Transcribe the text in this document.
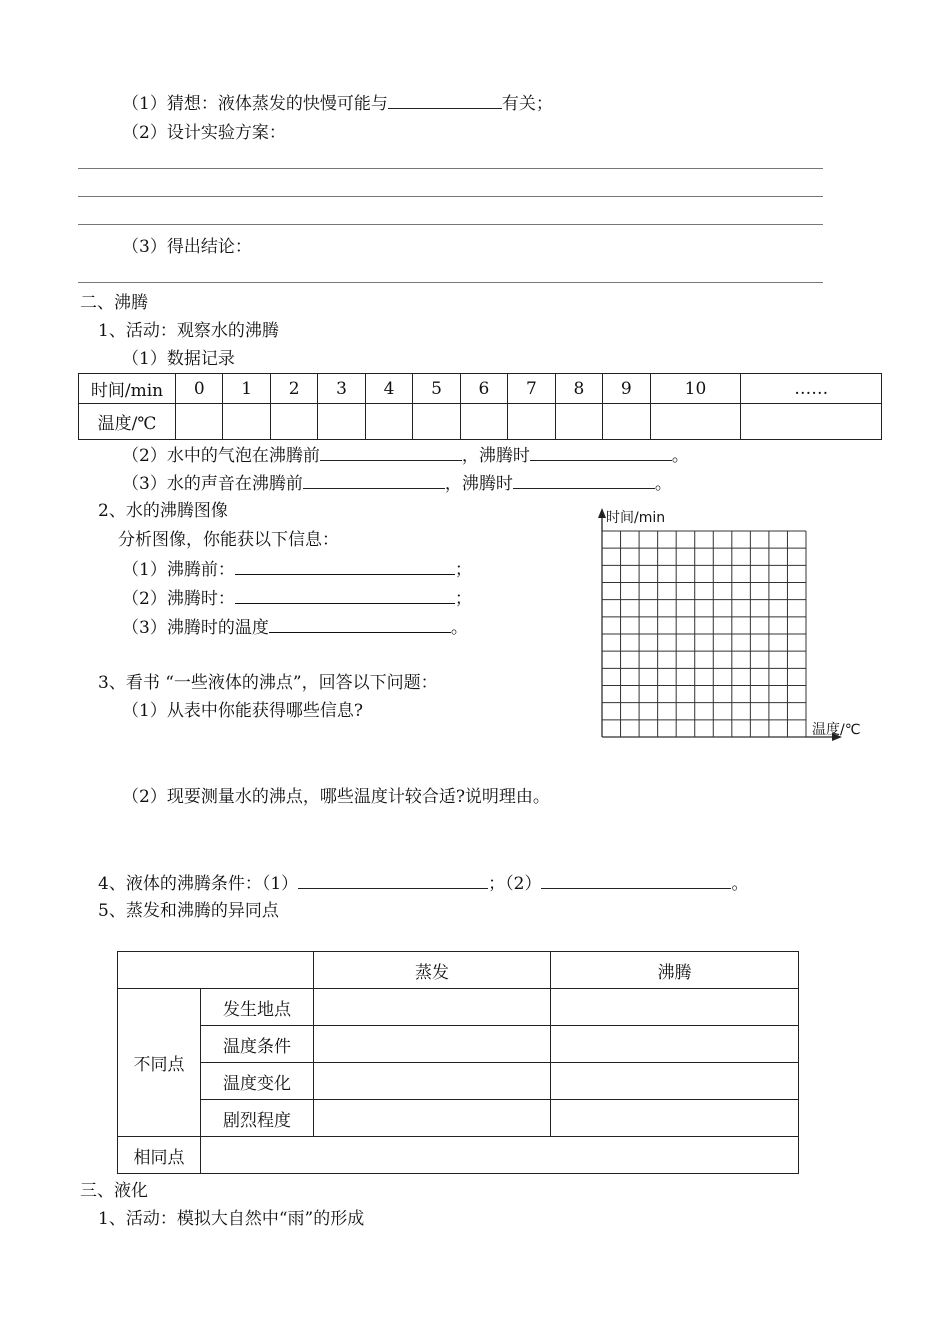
（1）猜想：液体蒸发的快慢可能与	有关；
（2）设计实验方案：
（3）得出结论：
二、沸腾
1、活动：观察水的沸腾
（1）数据记录
时间/min	0	1	2	3	4	5	6	7	8	9	10	……
温度/℃												
（2）水中的气泡在沸腾前	，沸腾时	。
（3）水的声音在沸腾前	，沸腾时	。
2、水的沸腾图像
分析图像，你能获以下信息：
（1）沸腾前：	；
（2）沸腾时：	；
（3）沸腾时的温度	。
时间/min
温度/℃
3、看书 “一些液体的沸点”，回答以下问题：
（1）从表中你能获得哪些信息?
（2）现要测量水的沸点，哪些温度计较合适?说明理由。
4、液体的沸腾条件：（1）	；（2）	。
5、蒸发和沸腾的异同点
		蒸发	沸腾
不同点	发生地点		
	温度条件		
	温度变化		
	剧烈程度		
相同点			
三、液化
1、活动：模拟大自然中“雨”的形成
